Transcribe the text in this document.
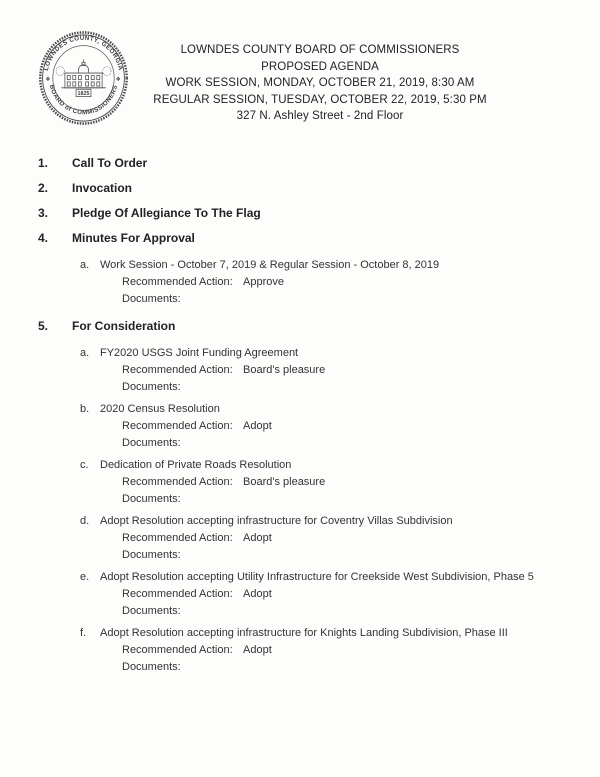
LOWNDES COUNTY, GEORGIA
BOARD of COMMISSIONERS
❖	❖
1825
LOWNDES COUNTY BOARD OF COMMISSIONERS
PROPOSED AGENDA
WORK SESSION, MONDAY, OCTOBER 21, 2019, 8:30 AM
REGULAR SESSION, TUESDAY, OCTOBER 22, 2019, 5:30 PM
327 N. Ashley Street - 2nd Floor
1.	Call To Order
2.	Invocation
3.	Pledge Of Allegiance To The Flag
4.	Minutes For Approval
a. Work Session - October 7, 2019 & Regular Session - October 8, 2019
Recommended Action: Approve
Documents:
5.	For Consideration
a. FY2020 USGS Joint Funding Agreement
Recommended Action: Board's pleasure
Documents:
b. 2020 Census Resolution
Recommended Action: Adopt
Documents:
c.	Dedication of Private Roads Resolution
Recommended Action: Board's pleasure
Documents:
d. Adopt Resolution accepting infrastructure for Coventry Villas Subdivision
Recommended Action: Adopt
Documents:
e. Adopt Resolution accepting Utility Infrastructure for Creekside West Subdivision, Phase 5
Recommended Action: Adopt
Documents:
f.	Adopt Resolution accepting infrastructure for Knights Landing Subdivision, Phase III
Recommended Action: Adopt
Documents:
